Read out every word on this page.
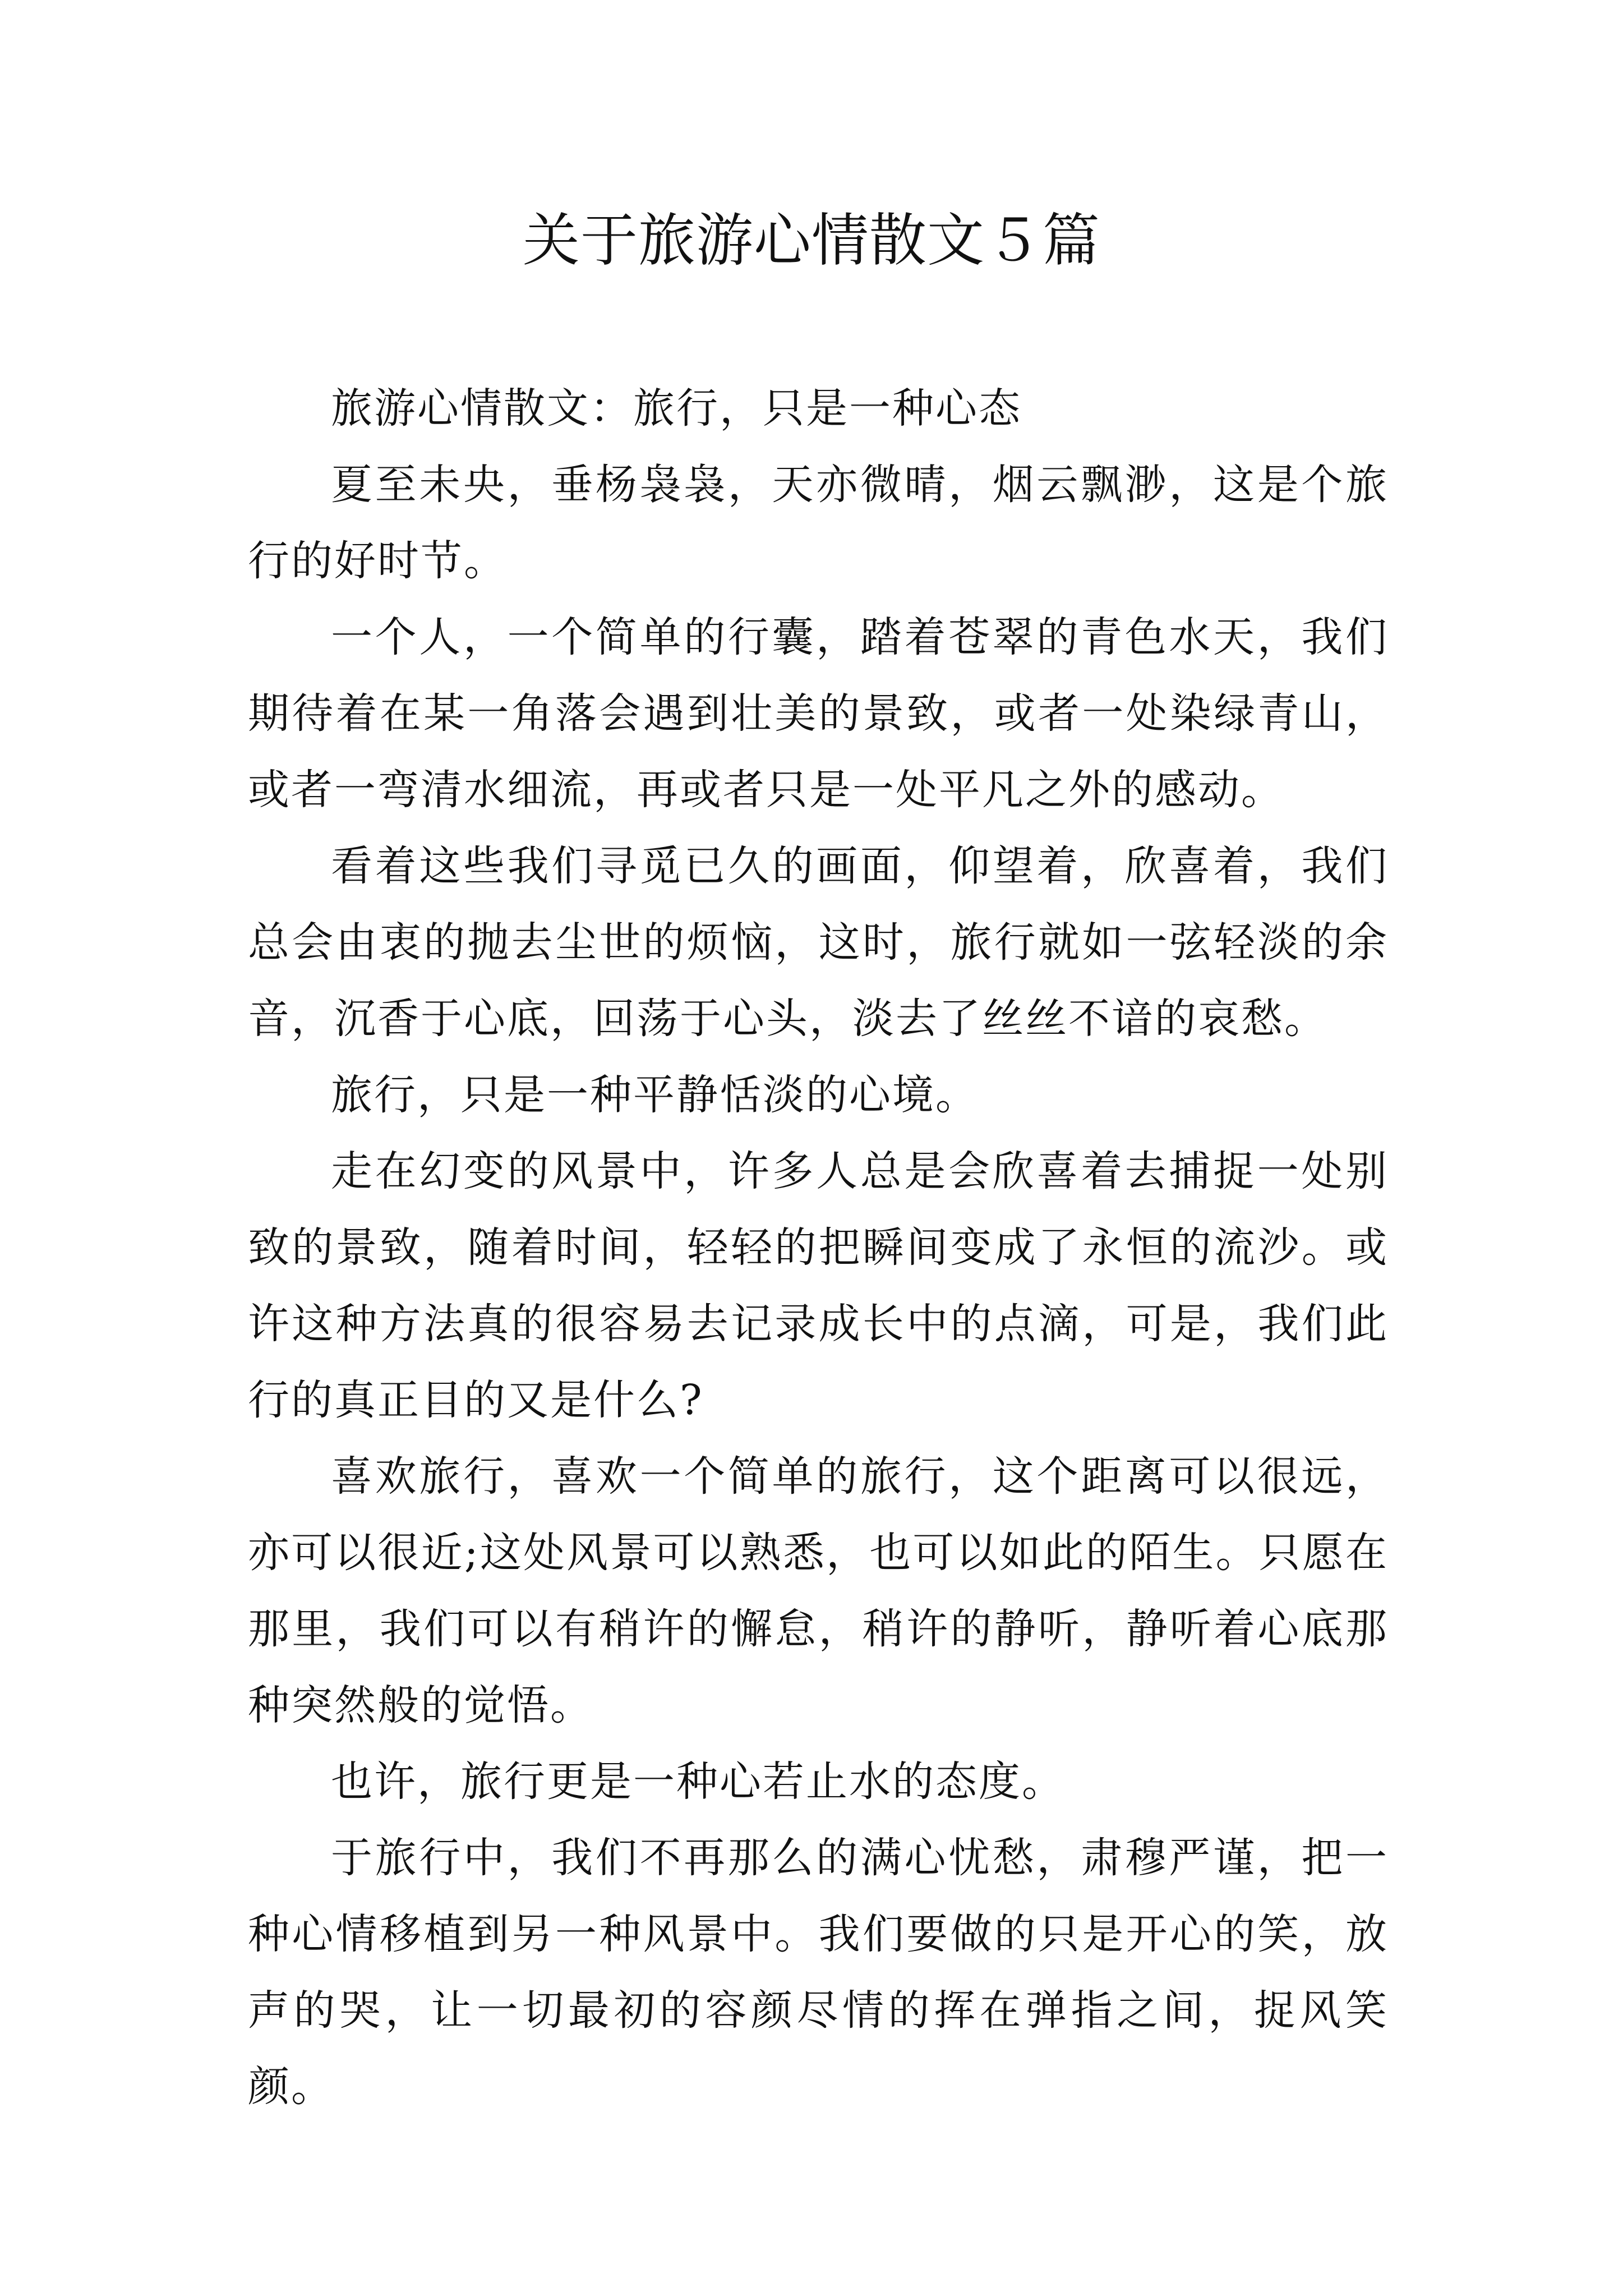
关于旅游心情散文５篇

旅游心情散文：旅行，只是一种心态

夏至未央，垂杨袅袅，天亦微晴，烟云飘渺，这是个旅行的好时节。

一个人，一个简单的行囊，踏着苍翠的青色水天，我们期待着在某一角落会遇到壮美的景致，或者一处染绿青山，或者一弯清水细流，再或者只是一处平凡之外的感动。

看着这些我们寻觅已久的画面，仰望着，欣喜着，我们总会由衷的抛去尘世的烦恼，这时，旅行就如一弦轻淡的余音，沉香于心底，回荡于心头，淡去了丝丝不谙的哀愁。

旅行，只是一种平静恬淡的心境。

走在幻变的风景中，许多人总是会欣喜着去捕捉一处别致的景致，随着时间，轻轻的把瞬间变成了永恒的流沙。或许这种方法真的很容易去记录成长中的点滴，可是，我们此行的真正目的又是什么?

喜欢旅行，喜欢一个简单的旅行，这个距离可以很远，亦可以很近;这处风景可以熟悉，也可以如此的陌生。只愿在那里，我们可以有稍许的懈怠，稍许的静听，静听着心底那种突然般的觉悟。

也许，旅行更是一种心若止水的态度。

于旅行中，我们不再那么的满心忧愁，肃穆严谨，把一种心情移植到另一种风景中。我们要做的只是开心的笑，放声的哭，让一切最初的容颜尽情的挥在弹指之间，捉风笑颜。
